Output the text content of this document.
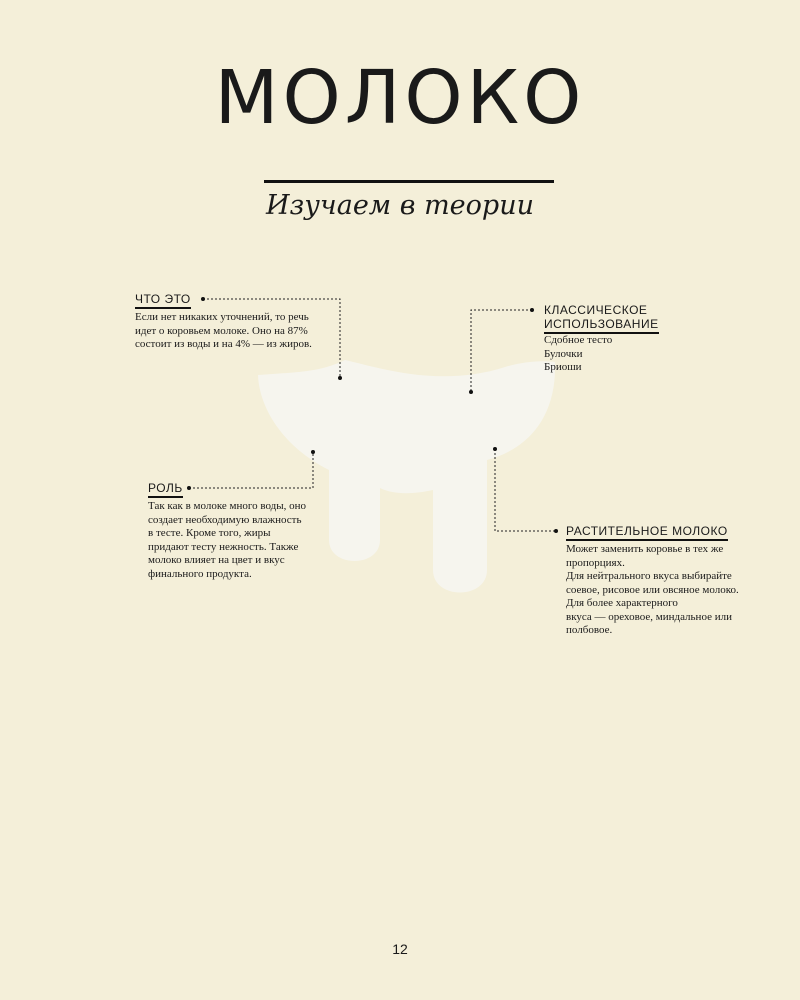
МОЛОКО
Изучаем в теории
ЧТО ЭТО
Если нет никаких уточнений, то речь
идет о коровьем молоке. Оно на 87%
состоит из воды и на 4% — из жиров.
КЛАССИЧЕСКОЕ
ИСПОЛЬЗОВАНИЕ
Сдобное тесто
Булочки
Бриоши
РОЛЬ
Так как в молоке много воды, оно
создает необходимую влажность
в тесте. Кроме того, жиры
придают тесту нежность. Также
молоко влияет на цвет и вкус
финального продукта.
РАСТИТЕЛЬНОЕ МОЛОКО
Может заменить коровье в тех же
пропорциях.
Для нейтрального вкуса выбирайте
соевое, рисовое или овсяное молоко.
Для более характерного
вкуса — ореховое, миндальное или
полбовое.
12
